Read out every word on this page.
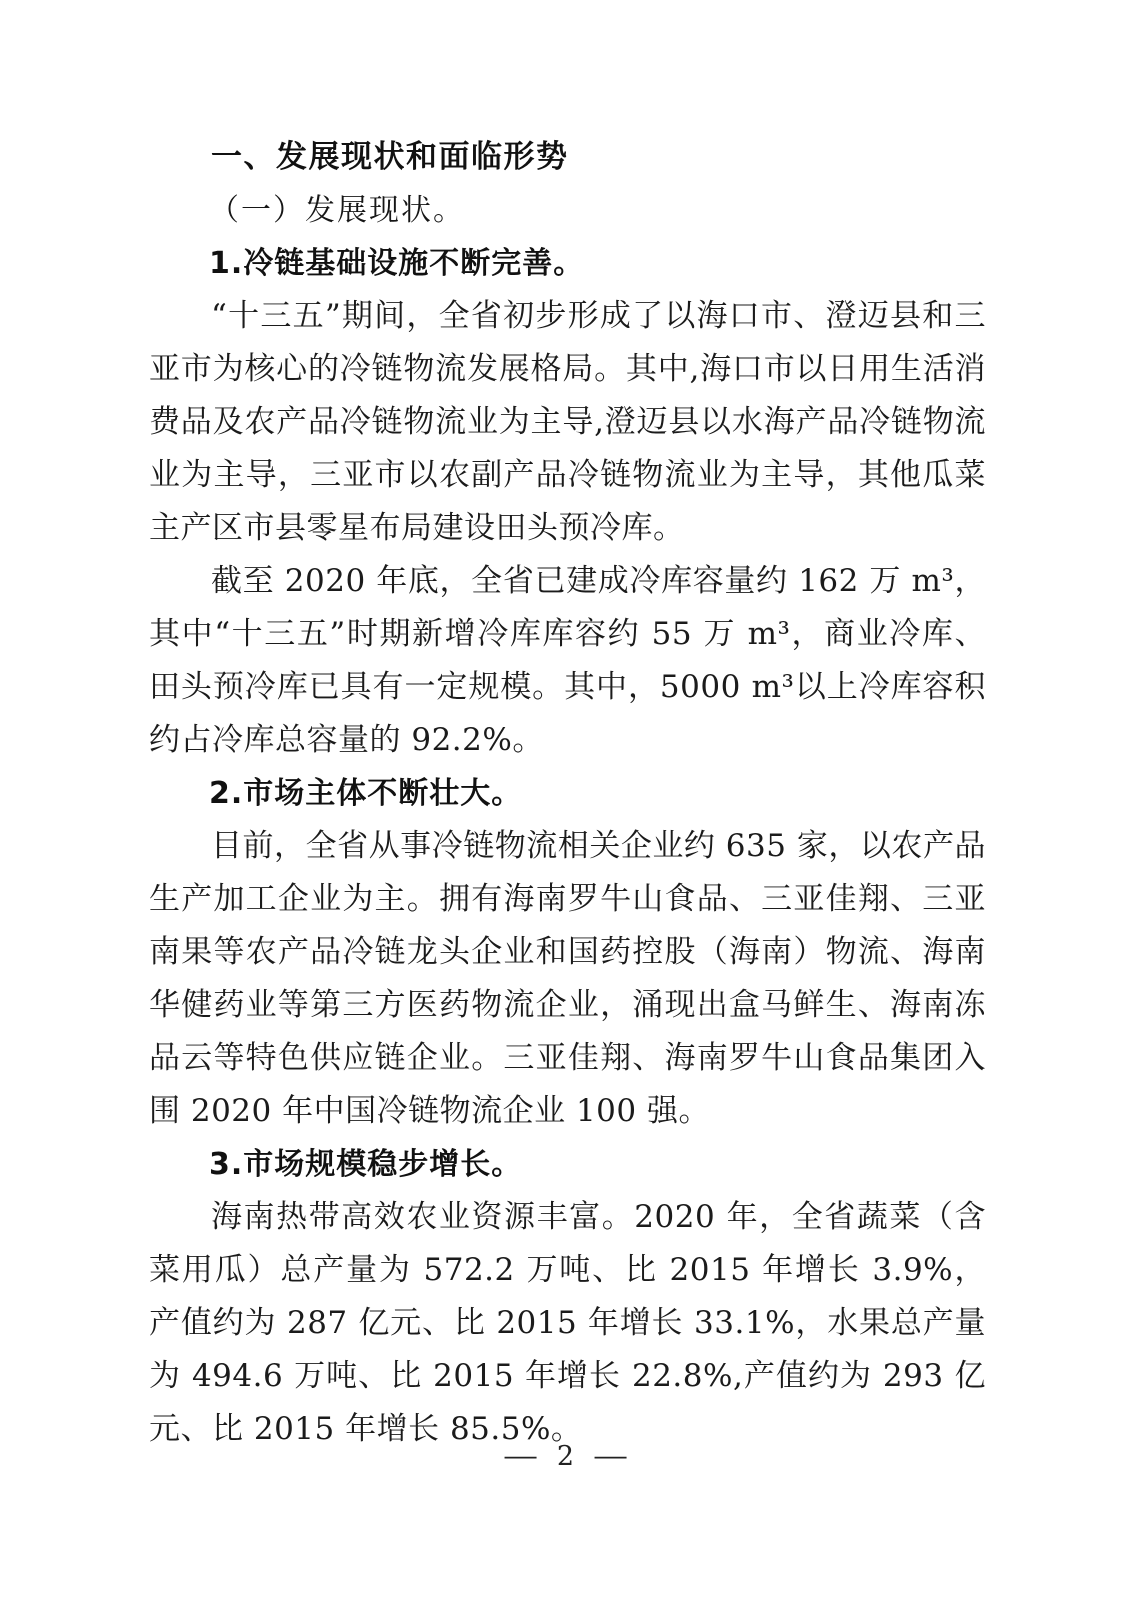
一、发展现状和面临形势

（一）发展现状。

1.冷链基础设施不断完善。

“十三五”期间，全省初步形成了以海口市、澄迈县和三亚市为核心的冷链物流发展格局。其中,海口市以日用生活消费品及农产品冷链物流业为主导,澄迈县以水海产品冷链物流业为主导，三亚市以农副产品冷链物流业为主导，其他瓜菜主产区市县零星布局建设田头预冷库。

截至 2020 年底，全省已建成冷库容量约 162 万 m³，其中“十三五”时期新增冷库库容约 55 万 m³，商业冷库、田头预冷库已具有一定规模。其中，5000 m³以上冷库容积约占冷库总容量的 92.2%。

2.市场主体不断壮大。

目前，全省从事冷链物流相关企业约 635 家，以农产品生产加工企业为主。拥有海南罗牛山食品、三亚佳翔、三亚南果等农产品冷链龙头企业和国药控股（海南）物流、海南华健药业等第三方医药物流企业，涌现出盒马鲜生、海南冻品云等特色供应链企业。三亚佳翔、海南罗牛山食品集团入围 2020 年中国冷链物流企业 100 强。

3.市场规模稳步增长。

海南热带高效农业资源丰富。2020 年，全省蔬菜（含菜用瓜）总产量为 572.2 万吨、比 2015 年增长 3.9%，产值约为 287 亿元、比 2015 年增长 33.1%，水果总产量为 494.6 万吨、比 2015 年增长 22.8%,产值约为 293 亿元、比 2015 年增长 85.5%。

— 2 —
